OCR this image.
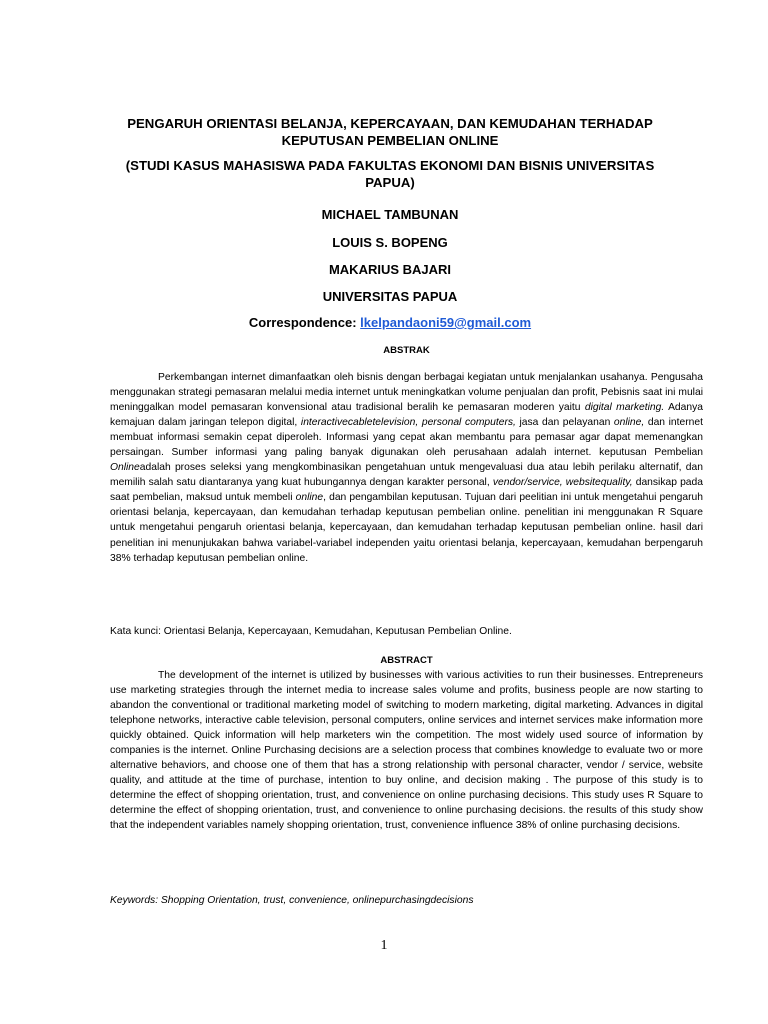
PENGARUH ORIENTASI BELANJA, KEPERCAYAAN, DAN KEMUDAHAN TERHADAP KEPUTUSAN PEMBELIAN ONLINE
(STUDI KASUS MAHASISWA PADA FAKULTAS EKONOMI DAN BISNIS UNIVERSITAS PAPUA)
MICHAEL TAMBUNAN
LOUIS S. BOPENG
MAKARIUS BAJARI
UNIVERSITAS PAPUA
Correspondence: lkelpandaoni59@gmail.com
ABSTRAK
Perkembangan internet dimanfaatkan oleh bisnis dengan berbagai kegiatan untuk menjalankan usahanya. Pengusaha menggunakan strategi pemasaran melalui media internet untuk meningkatkan volume penjualan dan profit, Pebisnis saat ini mulai meninggalkan model pemasaran konvensional atau tradisional beralih ke pemasaran moderen yaitu digital marketing. Adanya kemajuan dalam jaringan telepon digital, interactivecabletelevision, personal computers, jasa dan pelayanan online, dan internet membuat informasi semakin cepat diperoleh. Informasi yang cepat akan membantu para pemasar agar dapat memenangkan persaingan. Sumber informasi yang paling banyak digunakan oleh perusahaan adalah internet. keputusan Pembelian Onlineadalah proses seleksi yang mengkombinasikan pengetahuan untuk mengevaluasi dua atau lebih perilaku alternatif, dan memilih salah satu diantaranya yang kuat hubungannya dengan karakter personal, vendor/service, websitequality, dansikap pada saat pembelian, maksud untuk membeli online, dan pengambilan keputusan. Tujuan dari peelitian ini untuk mengetahui pengaruh orientasi belanja, kepercayaan, dan kemudahan terhadap keputusan pembelian online. penelitian ini menggunakan R Square untuk mengetahui pengaruh orientasi belanja, kepercayaan, dan kemudahan terhadap keputusan pembelian online. hasil dari penelitian ini menunjukakan bahwa variabel-variabel independen yaitu orientasi belanja, kepercayaan, kemudahan berpengaruh 38% terhadap keputusan pembelian online.
Kata kunci: Orientasi Belanja, Kepercayaan, Kemudahan, Keputusan Pembelian Online.
ABSTRACT
The development of the internet is utilized by businesses with various activities to run their businesses. Entrepreneurs use marketing strategies through the internet media to increase sales volume and profits, business people are now starting to abandon the conventional or traditional marketing model of switching to modern marketing, digital marketing. Advances in digital telephone networks, interactive cable television, personal computers, online services and internet services make information more quickly obtained. Quick information will help marketers win the competition. The most widely used source of information by companies is the internet. Online Purchasing decisions are a selection process that combines knowledge to evaluate two or more alternative behaviors, and choose one of them that has a strong relationship with personal character, vendor / service, website quality, and attitude at the time of purchase, intention to buy online, and decision making . The purpose of this study is to determine the effect of shopping orientation, trust, and convenience on online purchasing decisions. This study uses R Square to determine the effect of shopping orientation, trust, and convenience to online purchasing decisions. the results of this study show that the independent variables namely shopping orientation, trust, convenience influence 38% of online purchasing decisions.
Keywords: Shopping Orientation, trust, convenience, onlinepurchasingdecisions
1
